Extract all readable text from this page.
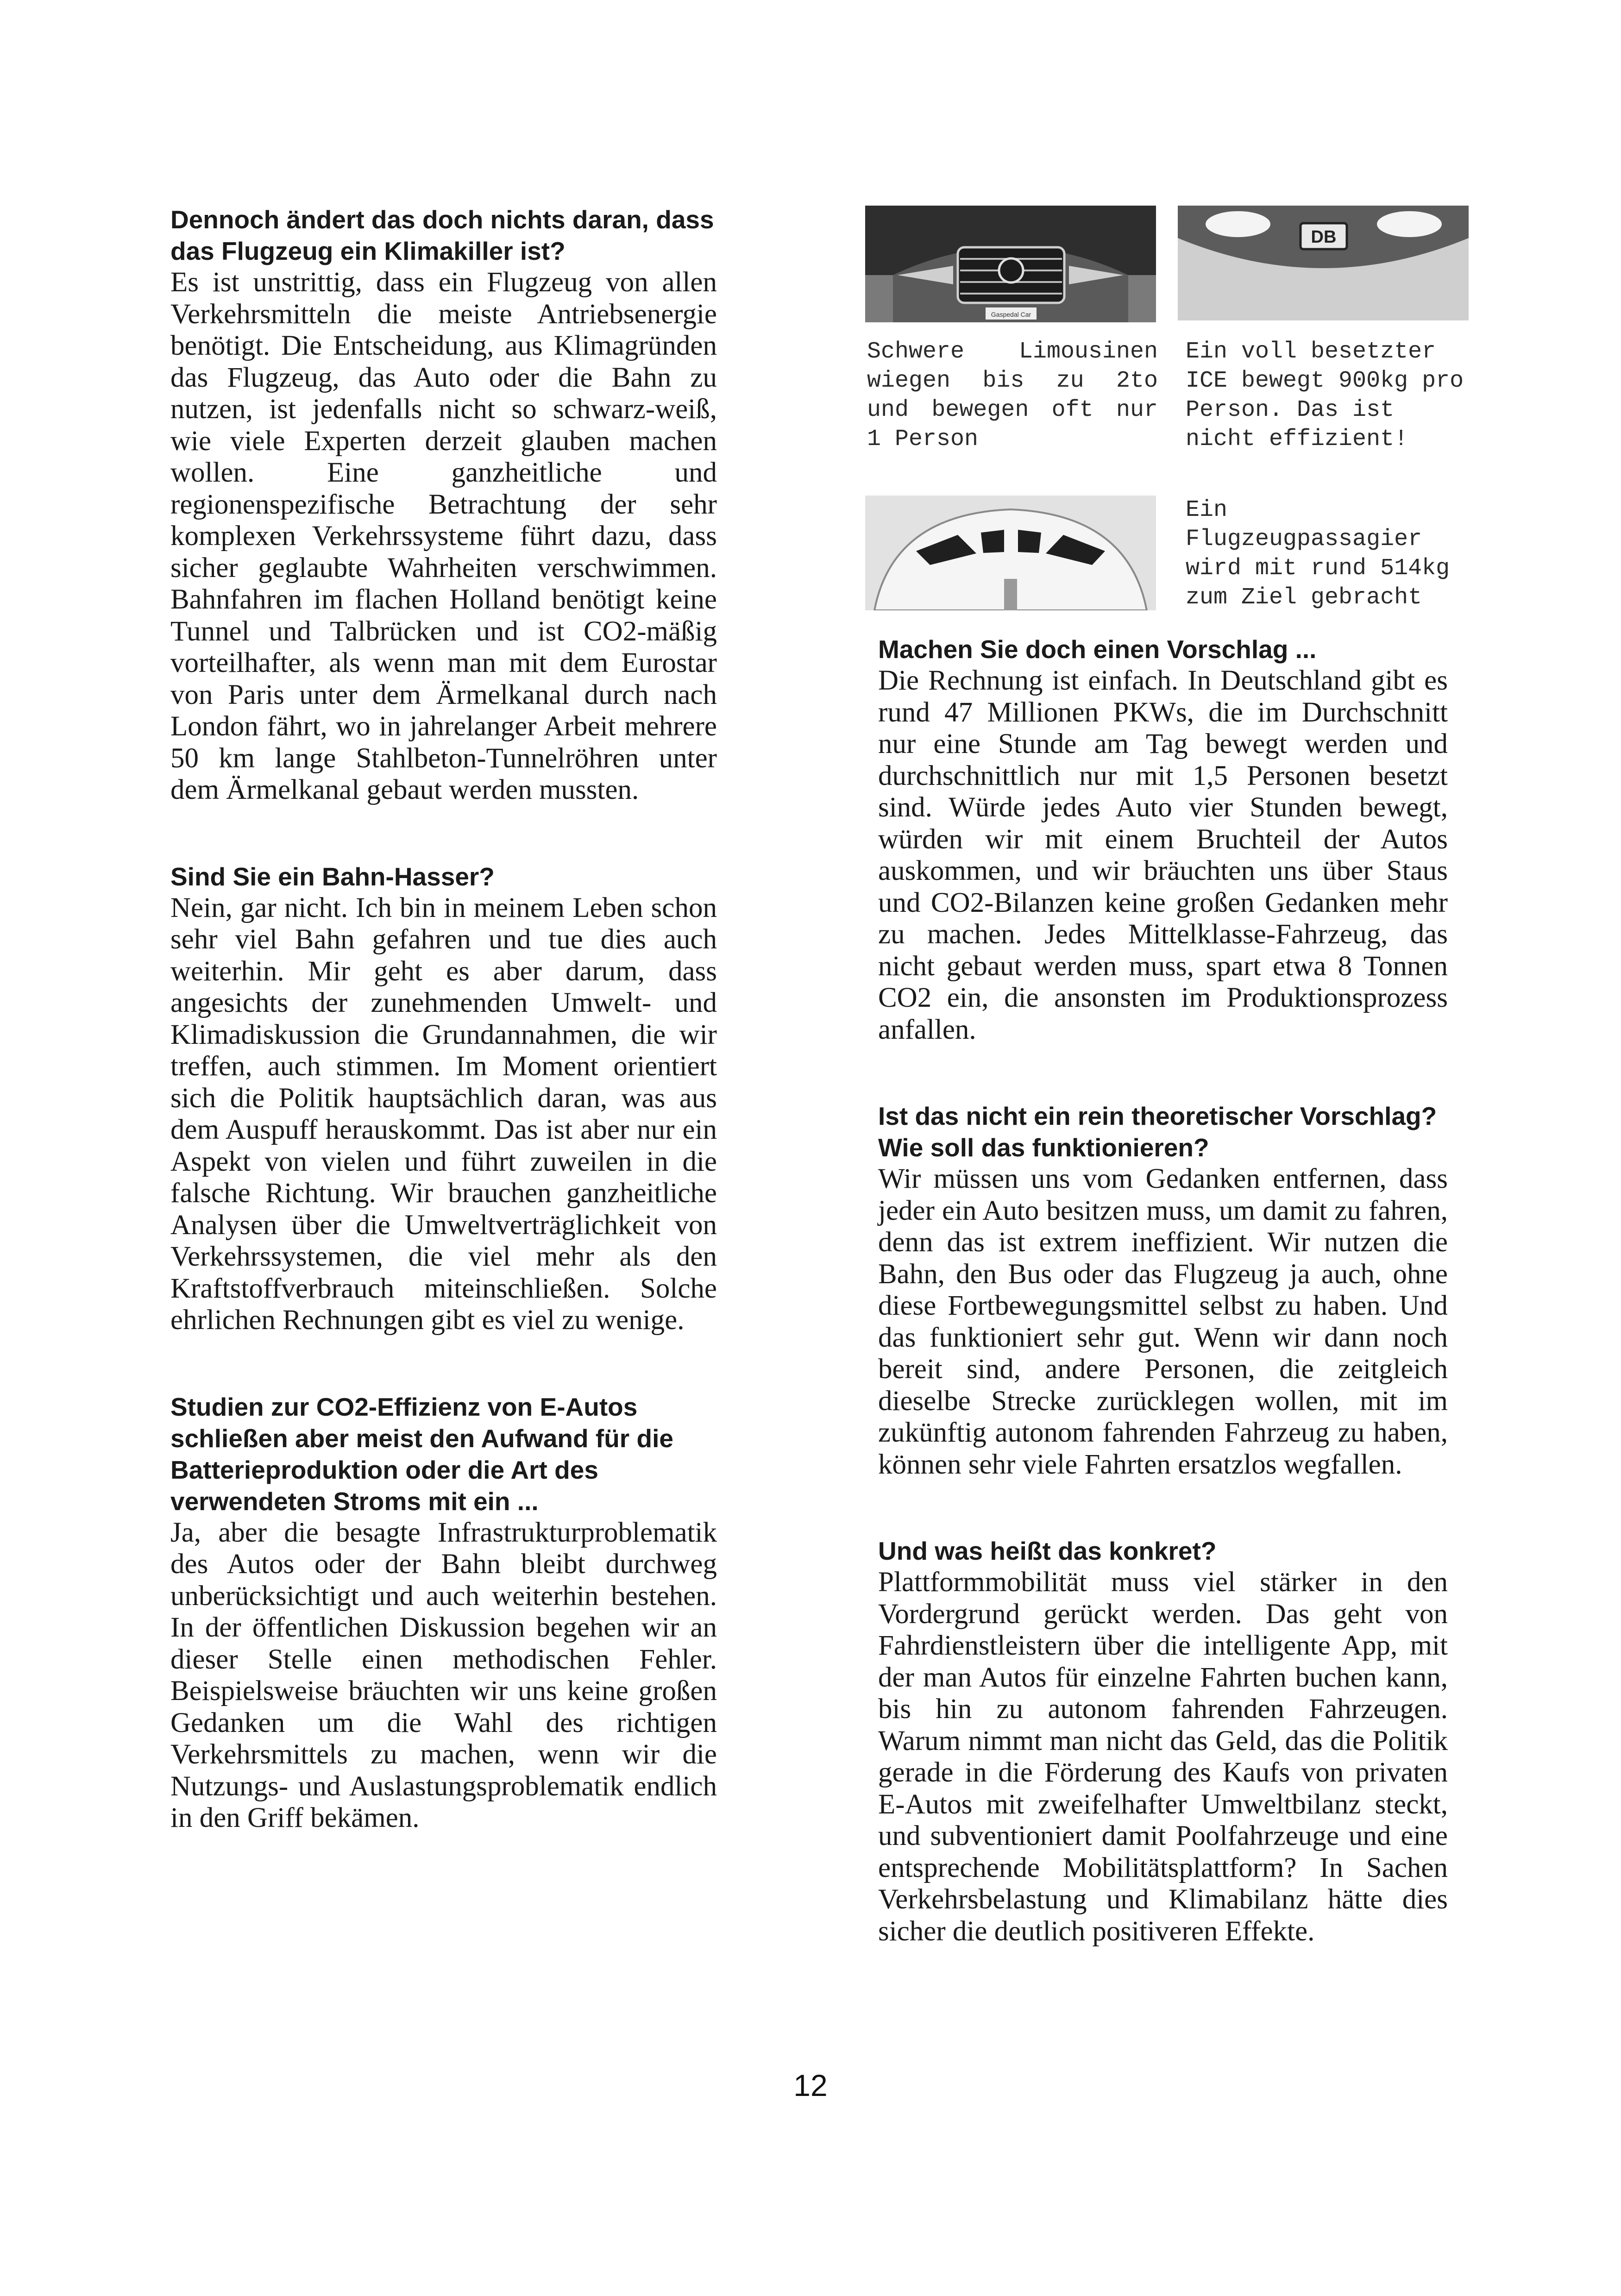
Dennoch ändert das doch nichts daran, dass das Flugzeug ein Klimakiller ist?

Es ist unstrittig, dass ein Flugzeug von allen Verkehrsmitteln die meiste Antriebsenergie benötigt. Die Entscheidung, aus Klimagründen das Flugzeug, das Auto oder die Bahn zu nutzen, ist jedenfalls nicht so schwarz-weiß, wie viele Experten derzeit glauben machen wollen. Eine ganzheitliche und regionenspezifische Betrachtung der sehr komplexen Verkehrssysteme führt dazu, dass sicher geglaubte Wahrheiten verschwimmen. Bahnfahren im flachen Holland benötigt keine Tunnel und Talbrücken und ist CO2-mäßig vorteilhafter, als wenn man mit dem Eurostar von Paris unter dem Ärmelkanal durch nach London fährt, wo in jahrelanger Arbeit mehrere 50 km lange Stahlbeton-Tunnelröhren unter dem Ärmelkanal gebaut werden mussten.

Sind Sie ein Bahn-Hasser?

Nein, gar nicht. Ich bin in meinem Leben schon sehr viel Bahn gefahren und tue dies auch weiterhin. Mir geht es aber darum, dass angesichts der zunehmenden Umwelt- und Klimadiskussion die Grundannahmen, die wir treffen, auch stimmen. Im Moment orientiert sich die Politik hauptsächlich daran, was aus dem Auspuff herauskommt. Das ist aber nur ein Aspekt von vielen und führt zuweilen in die falsche Richtung. Wir brauchen ganzheitliche Analysen über die Umweltverträglichkeit von Verkehrssystemen, die viel mehr als den Kraftstoffverbrauch miteinschließen. Solche ehrlichen Rechnungen gibt es viel zu wenige.

Studien zur CO2-Effizienz von E-Autos schließen aber meist den Aufwand für die Batterieproduktion oder die Art des verwendeten Stroms mit ein ...

Ja, aber die besagte Infrastrukturproblematik des Autos oder der Bahn bleibt durchweg unberücksichtigt und auch weiterhin bestehen. In der öffentlichen Diskussion begehen wir an dieser Stelle einen methodischen Fehler. Beispielsweise bräuchten wir uns keine großen Gedanken um die Wahl des richtigen Verkehrsmittels zu machen, wenn wir die Nutzungs- und Auslastungsproblematik endlich in den Griff bekämen.

Gaspedal Car
DB

Schwere Limousinen wiegen bis zu 2to und bewegen oft nur 1 Person

Ein voll besetzter ICE bewegt 900kg pro Person. Das ist nicht effizient!

Ein Flugzeugpassagier wird mit rund 514kg zum Ziel gebracht

Machen Sie doch einen Vorschlag ...

Die Rechnung ist einfach. In Deutschland gibt es rund 47 Millionen PKWs, die im Durchschnitt nur eine Stunde am Tag bewegt werden und durchschnittlich nur mit 1,5 Personen besetzt sind. Würde jedes Auto vier Stunden bewegt, würden wir mit einem Bruchteil der Autos auskommen, und wir bräuchten uns über Staus und CO2-Bilanzen keine großen Gedanken mehr zu machen. Jedes Mittelklasse-Fahrzeug, das nicht gebaut werden muss, spart etwa 8 Tonnen CO2 ein, die ansonsten im Produktionsprozess anfallen.

Ist das nicht ein rein theoretischer Vorschlag? Wie soll das funktionieren?

Wir müssen uns vom Gedanken entfernen, dass jeder ein Auto besitzen muss, um damit zu fahren, denn das ist extrem ineffizient. Wir nutzen die Bahn, den Bus oder das Flugzeug ja auch, ohne diese Fortbewegungsmittel selbst zu haben. Und das funktioniert sehr gut. Wenn wir dann noch bereit sind, andere Personen, die zeitgleich dieselbe Strecke zurücklegen wollen, mit im zukünftig autonom fahrenden Fahrzeug zu haben, können sehr viele Fahrten ersatzlos wegfallen.

Und was heißt das konkret?

Plattformmobilität muss viel stärker in den Vordergrund gerückt werden. Das geht von Fahrdienstleistern über die intelligente App, mit der man Autos für einzelne Fahrten buchen kann, bis hin zu autonom fahrenden Fahrzeugen. Warum nimmt man nicht das Geld, das die Politik gerade in die Förderung des Kaufs von privaten E-Autos mit zweifelhafter Umweltbilanz steckt, und subventioniert damit Poolfahrzeuge und eine entsprechende Mobilitätsplattform? In Sachen Verkehrsbelastung und Klimabilanz hätte dies sicher die deutlich positiveren Effekte.

12
